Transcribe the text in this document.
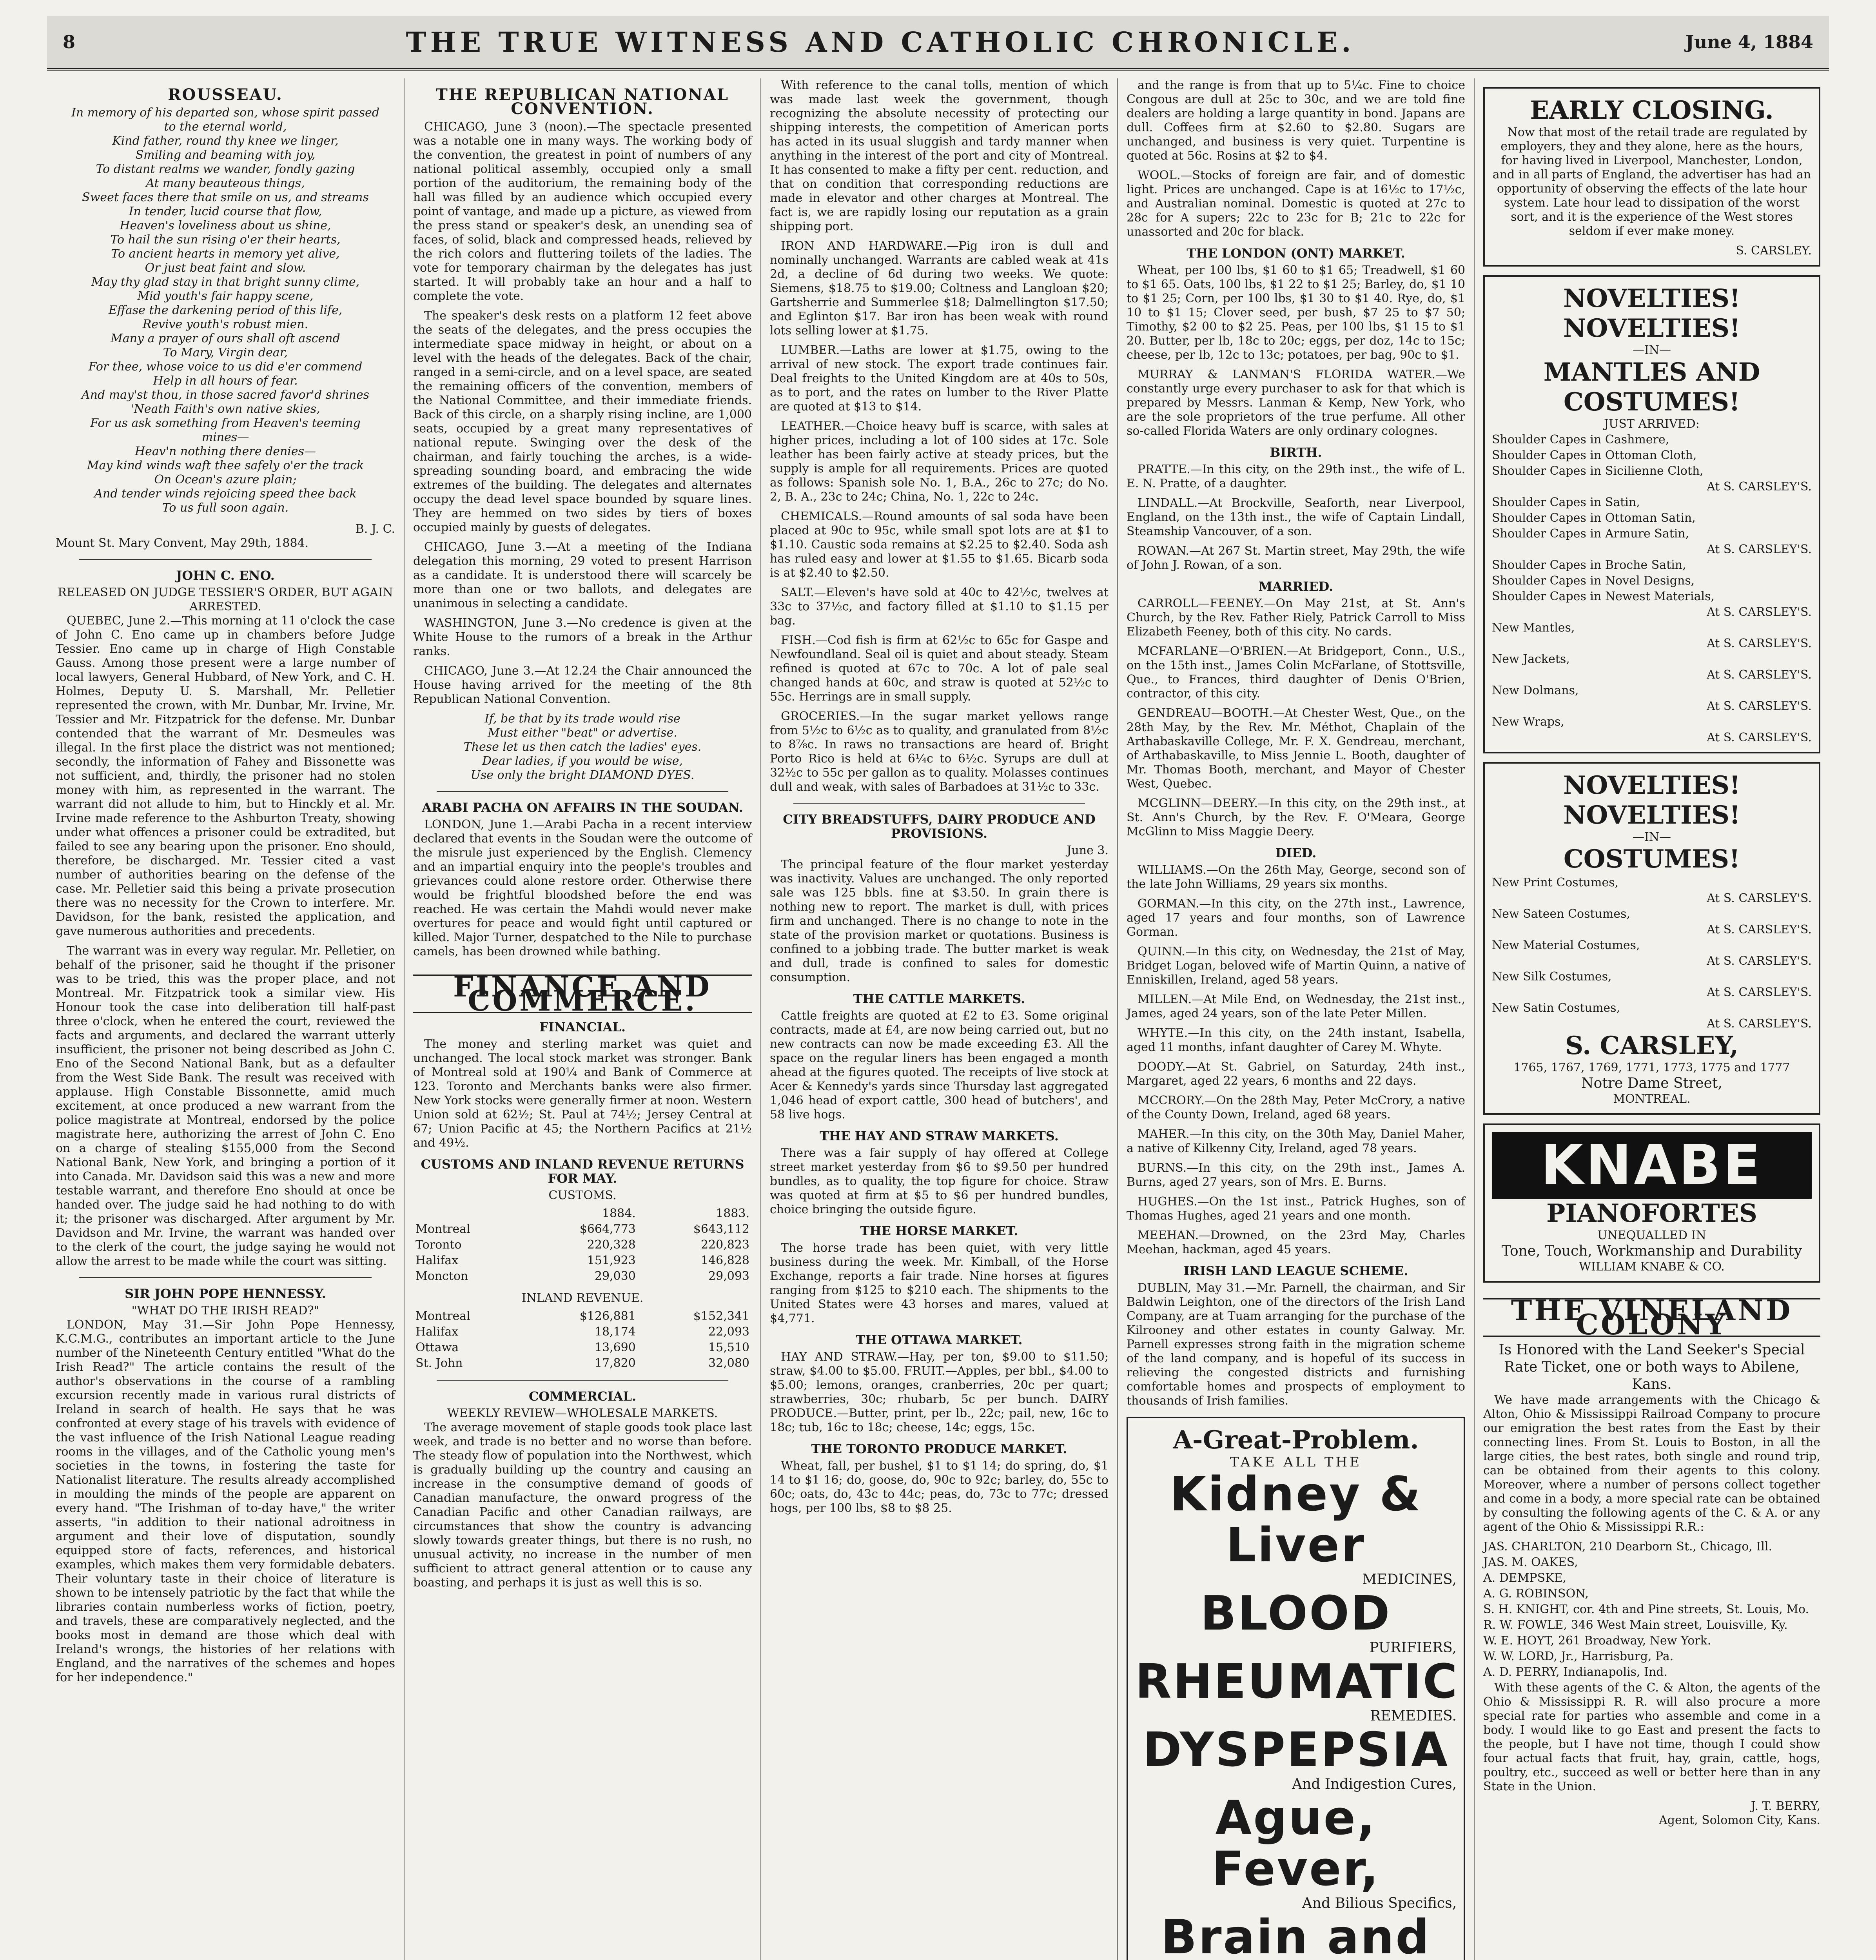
8	THE TRUE WITNESS AND CATHOLIC CHRONICLE.	June 4, 1884
ROUSSEAU.
In memory of his departed son, whose spirit passed
to the eternal world,
Kind father, round thy knee we linger,
Smiling and beaming with joy,
To distant realms we wander, fondly gazing
At many beauteous things,
Sweet faces there that smile on us, and streams
In tender, lucid course that flow,
Heaven's loveliness about us shine,
To hail the sun rising o'er their hearts,
To ancient hearts in memory yet alive,
Or just beat faint and slow.
May thy glad stay in that bright sunny clime,
Mid youth's fair happy scene,
Effase the darkening period of this life,
Revive youth's robust mien.
Many a prayer of ours shall oft ascend
To Mary, Virgin dear,
For thee, whose voice to us did e'er commend
Help in all hours of fear.
And may'st thou, in those sacred favor'd shrines
'Neath Faith's own native skies,
For us ask something from Heaven's teeming
mines—
Heav'n nothing there denies—
May kind winds waft thee safely o'er the track
On Ocean's azure plain;
And tender winds rejoicing speed thee back
To us full soon again.
B. J. C.
Mount St. Mary Convent, May 29th, 1884.
JOHN C. ENO.
RELEASED ON JUDGE TESSIER'S ORDER, BUT AGAIN ARRESTED.

QUEBEC, June 2.—This morning at 11 o'clock the case of John C. Eno came up in chambers before Judge Tessier. Eno came up in charge of High Constable Gauss. Among those present were a large number of local lawyers, General Hubbard, of New York, and C. H. Holmes, Deputy U. S. Marshall, Mr. Pelletier represented the crown, with Mr. Dunbar, Mr. Irvine, Mr. Tessier and Mr. Fitzpatrick for the defense. Mr. Dunbar contended that the warrant of Mr. Desmeules was illegal. In the first place the district was not mentioned; secondly, the information of Fahey and Bissonette was not sufficient, and, thirdly, the prisoner had no stolen money with him, as represented in the warrant. The warrant did not allude to him, but to Hinckly et al. Mr. Irvine made reference to the Ashburton Treaty, showing under what offences a prisoner could be extradited, but failed to see any bearing upon the prisoner. Eno should, therefore, be discharged. Mr. Tessier cited a vast number of authorities bearing on the defense of the case. Mr. Pelletier said this being a private prosecution there was no necessity for the Crown to interfere. Mr. Davidson, for the bank, resisted the application, and gave numerous authorities and precedents.

The warrant was in every way regular. Mr. Pelletier, on behalf of the prisoner, said he thought if the prisoner was to be tried, this was the proper place, and not Montreal. Mr. Fitzpatrick took a similar view. His Honour took the case into deliberation till half-past three o'clock, when he entered the court, reviewed the facts and arguments, and declared the warrant utterly insufficient, the prisoner not being described as John C. Eno of the Second National Bank, but as a defaulter from the West Side Bank. The result was received with applause. High Constable Bissonnette, amid much excitement, at once produced a new warrant from the police magistrate at Montreal, endorsed by the police magistrate here, authorizing the arrest of John C. Eno on a charge of stealing $155,000 from the Second National Bank, New York, and bringing a portion of it into Canada. Mr. Davidson said this was a new and more testable warrant, and therefore Eno should at once be handed over. The judge said he had nothing to do with it; the prisoner was discharged. After argument by Mr. Davidson and Mr. Irvine, the warrant was handed over to the clerk of the court, the judge saying he would not allow the arrest to be made while the court was sitting.

SIR JOHN POPE HENNESSY.
"WHAT DO THE IRISH READ?"

LONDON, May 31.—Sir John Pope Hennessy, K.C.M.G., contributes an important article to the June number of the Nineteenth Century entitled "What do the Irish Read?" The article contains the result of the author's observations in the course of a rambling excursion recently made in various rural districts of Ireland in search of health. He says that he was confronted at every stage of his travels with evidence of the vast influence of the Irish National League reading rooms in the villages, and of the Catholic young men's societies in the towns, in fostering the taste for Nationalist literature. The results already accomplished in moulding the minds of the people are apparent on every hand. "The Irishman of to-day have," the writer asserts, "in addition to their national adroitness in argument and their love of disputation, soundly equipped store of facts, references, and historical examples, which makes them very formidable debaters. Their voluntary taste in their choice of literature is shown to be intensely patriotic by the fact that while the libraries contain numberless works of fiction, poetry, and travels, these are comparatively neglected, and the books most in demand are those which deal with Ireland's wrongs, the histories of her relations with England, and the narratives of the schemes and hopes for her independence."

THE REPUBLICAN NATIONAL CONVENTION.

CHICAGO, June 3 (noon).—The spectacle presented was a notable one in many ways. The working body of the convention, the greatest in point of numbers of any national political assembly, occupied only a small portion of the auditorium, the remaining body of the hall was filled by an audience which occupied every point of vantage, and made up a picture, as viewed from the press stand or speaker's desk, an unending sea of faces, of solid, black and compressed heads, relieved by the rich colors and fluttering toilets of the ladies. The vote for temporary chairman by the delegates has just started. It will probably take an hour and a half to complete the vote.

The speaker's desk rests on a platform 12 feet above the seats of the delegates, and the press occupies the intermediate space midway in height, or about on a level with the heads of the delegates. Back of the chair, ranged in a semi-circle, and on a level space, are seated the remaining officers of the convention, members of the National Committee, and their immediate friends. Back of this circle, on a sharply rising incline, are 1,000 seats, occupied by a great many representatives of national repute. Swinging over the desk of the chairman, and fairly touching the arches, is a wide-spreading sounding board, and embracing the wide extremes of the building. The delegates and alternates occupy the dead level space bounded by square lines. They are hemmed on two sides by tiers of boxes occupied mainly by guests of delegates.

CHICAGO, June 3.—At a meeting of the Indiana delegation this morning, 29 voted to present Harrison as a candidate. It is understood there will scarcely be more than one or two ballots, and delegates are unanimous in selecting a candidate.

WASHINGTON, June 3.—No credence is given at the White House to the rumors of a break in the Arthur ranks.

CHICAGO, June 3.—At 12.24 the Chair announced the House having arrived for the meeting of the 8th Republican National Convention.

If, be that by its trade would rise
Must either "beat" or advertise.
These let us then catch the ladies' eyes.
Dear ladies, if you would be wise,
Use only the bright DIAMOND DYES.
ARABI PACHA ON AFFAIRS IN THE SOUDAN.

LONDON, June 1.—Arabi Pacha in a recent interview declared that events in the Soudan were the outcome of the misrule just experienced by the English. Clemency and an impartial enquiry into the people's troubles and grievances could alone restore order. Otherwise there would be frightful bloodshed before the end was reached. He was certain the Mahdi would never make overtures for peace and would fight until captured or killed. Major Turner, despatched to the Nile to purchase camels, has been drowned while bathing.

FINANCE AND COMMERCE.
FINANCIAL.

The money and sterling market was quiet and unchanged. The local stock market was stronger. Bank of Montreal sold at 190¼ and Bank of Commerce at 123. Toronto and Merchants banks were also firmer. New York stocks were generally firmer at noon. Western Union sold at 62½; St. Paul at 74½; Jersey Central at 67; Union Pacific at 45; the Northern Pacifics at 21½ and 49½.

CUSTOMS AND INLAND REVENUE RETURNS FOR MAY.
CUSTOMS.
	1884.	1883.
Montreal	$664,773	$643,112
Toronto	220,328	220,823
Halifax	151,923	146,828
Moncton	29,030	29,093
INLAND REVENUE.
Montreal	$126,881	$152,341
Halifax	18,174	22,093
Ottawa	13,690	15,510
St. John	17,820	32,080
COMMERCIAL.
WEEKLY REVIEW—WHOLESALE MARKETS.

The average movement of staple goods took place last week, and trade is no better and no worse than before. The steady flow of population into the Northwest, which is gradually building up the country and causing an increase in the consumptive demand of goods of Canadian manufacture, the onward progress of the Canadian Pacific and other Canadian railways, are circumstances that show the country is advancing slowly towards greater things, but there is no rush, no unusual activity, no increase in the number of men sufficient to attract general attention or to cause any boasting, and perhaps it is just as well this is so.

With reference to the canal tolls, mention of which was made last week the government, though recognizing the absolute necessity of protecting our shipping interests, the competition of American ports has acted in its usual sluggish and tardy manner when anything in the interest of the port and city of Montreal. It has consented to make a fifty per cent. reduction, and that on condition that corresponding reductions are made in elevator and other charges at Montreal. The fact is, we are rapidly losing our reputation as a grain shipping port.

IRON AND HARDWARE.—Pig iron is dull and nominally unchanged. Warrants are cabled weak at 41s 2d, a decline of 6d during two weeks. We quote: Siemens, $18.75 to $19.00; Coltness and Langloan $20; Gartsherrie and Summerlee $18; Dalmellington $17.50; and Eglinton $17. Bar iron has been weak with round lots selling lower at $1.75.

LUMBER.—Laths are lower at $1.75, owing to the arrival of new stock. The export trade continues fair. Deal freights to the United Kingdom are at 40s to 50s, as to port, and the rates on lumber to the River Platte are quoted at $13 to $14.

LEATHER.—Choice heavy buff is scarce, with sales at higher prices, including a lot of 100 sides at 17c. Sole leather has been fairly active at steady prices, but the supply is ample for all requirements. Prices are quoted as follows: Spanish sole No. 1, B.A., 26c to 27c; do No. 2, B. A., 23c to 24c; China, No. 1, 22c to 24c.

CHEMICALS.—Round amounts of sal soda have been placed at 90c to 95c, while small spot lots are at $1 to $1.10. Caustic soda remains at $2.25 to $2.40. Soda ash has ruled easy and lower at $1.55 to $1.65. Bicarb soda is at $2.40 to $2.50.

SALT.—Eleven's have sold at 40c to 42½c, twelves at 33c to 37½c, and factory filled at $1.10 to $1.15 per bag.

FISH.—Cod fish is firm at 62½c to 65c for Gaspe and Newfoundland. Seal oil is quiet and about steady. Steam refined is quoted at 67c to 70c. A lot of pale seal changed hands at 60c, and straw is quoted at 52½c to 55c. Herrings are in small supply.

GROCERIES.—In the sugar market yellows range from 5½c to 6½c as to quality, and granulated from 8½c to 8⅞c. In raws no transactions are heard of. Bright Porto Rico is held at 6¼c to 6½c. Syrups are dull at 32½c to 55c per gallon as to quality. Molasses continues dull and weak, with sales of Barbadoes at 31½c to 33c.

CITY BREADSTUFFS, DAIRY PRODUCE AND PROVISIONS.
June 3.

The principal feature of the flour market yesterday was inactivity. Values are unchanged. The only reported sale was 125 bbls. fine at $3.50. In grain there is nothing new to report. The market is dull, with prices firm and unchanged. There is no change to note in the state of the provision market or quotations. Business is confined to a jobbing trade. The butter market is weak and dull, trade is confined to sales for domestic consumption.

THE CATTLE MARKETS.

Cattle freights are quoted at £2 to £3. Some original contracts, made at £4, are now being carried out, but no new contracts can now be made exceeding £3. All the space on the regular liners has been engaged a month ahead at the figures quoted. The receipts of live stock at Acer & Kennedy's yards since Thursday last aggregated 1,046 head of export cattle, 300 head of butchers', and 58 live hogs.

THE HAY AND STRAW MARKETS.

There was a fair supply of hay offered at College street market yesterday from $6 to $9.50 per hundred bundles, as to quality, the top figure for choice. Straw was quoted at firm at $5 to $6 per hundred bundles, choice bringing the outside figure.

THE HORSE MARKET.

The horse trade has been quiet, with very little business during the week. Mr. Kimball, of the Horse Exchange, reports a fair trade. Nine horses at figures ranging from $125 to $210 each. The shipments to the United States were 43 horses and mares, valued at $4,771.

THE OTTAWA MARKET.

HAY AND STRAW.—Hay, per ton, $9.00 to $11.50; straw, $4.00 to $5.00. FRUIT.—Apples, per bbl., $4.00 to $5.00; lemons, oranges, cranberries, 20c per quart; strawberries, 30c; rhubarb, 5c per bunch. DAIRY PRODUCE.—Butter, print, per lb., 22c; pail, new, 16c to 18c; tub, 16c to 18c; cheese, 14c; eggs, 15c.

THE TORONTO PRODUCE MARKET.

Wheat, fall, per bushel, $1 to $1 14; do spring, do, $1 14 to $1 16; do, goose, do, 90c to 92c; barley, do, 55c to 60c; oats, do, 43c to 44c; peas, do, 73c to 77c; dressed hogs, per 100 lbs, $8 to $8 25.

and the range is from that up to 5¼c. Fine to choice Congous are dull at 25c to 30c, and we are told fine dealers are holding a large quantity in bond. Japans are dull. Coffees firm at $2.60 to $2.80. Sugars are unchanged, and business is very quiet. Turpentine is quoted at 56c. Rosins at $2 to $4.

WOOL.—Stocks of foreign are fair, and of domestic light. Prices are unchanged. Cape is at 16½c to 17½c, and Australian nominal. Domestic is quoted at 27c to 28c for A supers; 22c to 23c for B; 21c to 22c for unassorted and 20c for black.

THE LONDON (ONT) MARKET.

Wheat, per 100 lbs, $1 60 to $1 65; Treadwell, $1 60 to $1 65. Oats, 100 lbs, $1 22 to $1 25; Barley, do, $1 10 to $1 25; Corn, per 100 lbs, $1 30 to $1 40. Rye, do, $1 10 to $1 15; Clover seed, per bush, $7 25 to $7 50; Timothy, $2 00 to $2 25. Peas, per 100 lbs, $1 15 to $1 20. Butter, per lb, 18c to 20c; eggs, per doz, 14c to 15c; cheese, per lb, 12c to 13c; potatoes, per bag, 90c to $1.

MURRAY & LANMAN'S FLORIDA WATER.—We constantly urge every purchaser to ask for that which is prepared by Messrs. Lanman & Kemp, New York, who are the sole proprietors of the true perfume. All other so-called Florida Waters are only ordinary colognes.

BIRTH.

PRATTE.—In this city, on the 29th inst., the wife of L. E. N. Pratte, of a daughter.

LINDALL.—At Brockville, Seaforth, near Liverpool, England, on the 13th inst., the wife of Captain Lindall, Steamship Vancouver, of a son.

ROWAN.—At 267 St. Martin street, May 29th, the wife of John J. Rowan, of a son.

MARRIED.

CARROLL—FEENEY.—On May 21st, at St. Ann's Church, by the Rev. Father Riely, Patrick Carroll to Miss Elizabeth Feeney, both of this city. No cards.

MCFARLANE—O'BRIEN.—At Bridgeport, Conn., U.S., on the 15th inst., James Colin McFarlane, of Stottsville, Que., to Frances, third daughter of Denis O'Brien, contractor, of this city.

GENDREAU—BOOTH.—At Chester West, Que., on the 28th May, by the Rev. Mr. Méthot, Chaplain of the Arthabaskaville College, Mr. F. X. Gendreau, merchant, of Arthabaskaville, to Miss Jennie L. Booth, daughter of Mr. Thomas Booth, merchant, and Mayor of Chester West, Quebec.

MCGLINN—DEERY.—In this city, on the 29th inst., at St. Ann's Church, by the Rev. F. O'Meara, George McGlinn to Miss Maggie Deery.

DIED.

WILLIAMS.—On the 26th May, George, second son of the late John Williams, 29 years six months.

GORMAN.—In this city, on the 27th inst., Lawrence, aged 17 years and four months, son of Lawrence Gorman.

QUINN.—In this city, on Wednesday, the 21st of May, Bridget Logan, beloved wife of Martin Quinn, a native of Enniskillen, Ireland, aged 58 years.

MILLEN.—At Mile End, on Wednesday, the 21st inst., James, aged 24 years, son of the late Peter Millen.

WHYTE.—In this city, on the 24th instant, Isabella, aged 11 months, infant daughter of Carey M. Whyte.

DOODY.—At St. Gabriel, on Saturday, 24th inst., Margaret, aged 22 years, 6 months and 22 days.

MCCRORY.—On the 28th May, Peter McCrory, a native of the County Down, Ireland, aged 68 years.

MAHER.—In this city, on the 30th May, Daniel Maher, a native of Kilkenny City, Ireland, aged 78 years.

BURNS.—In this city, on the 29th inst., James A. Burns, aged 27 years, son of Mrs. E. Burns.

HUGHES.—On the 1st inst., Patrick Hughes, son of Thomas Hughes, aged 21 years and one month.

MEEHAN.—Drowned, on the 23rd May, Charles Meehan, hackman, aged 45 years.

IRISH LAND LEAGUE SCHEME.

DUBLIN, May 31.—Mr. Parnell, the chairman, and Sir Baldwin Leighton, one of the directors of the Irish Land Company, are at Tuam arranging for the purchase of the Kilrooney and other estates in county Galway. Mr. Parnell expresses strong faith in the migration scheme of the land company, and is hopeful of its success in relieving the congested districts and furnishing comfortable homes and prospects of employment to thousands of Irish families.

A-Great-Problem.
TAKE ALL THE
Kidney & Liver
MEDICINES,
BLOOD
PURIFIERS,
RHEUMATIC
REMEDIES.
DYSPEPSIA
And Indigestion Cures,
Ague, Fever,
And Bilious Specifics,
Brain and

EARLY CLOSING.

Now that most of the retail trade are regulated by employers, they and they alone, here as the hours, for having lived in Liverpool, Manchester, London, and in all parts of England, the advertiser has had an opportunity of observing the effects of the late hour system. Late hour lead to dissipation of the worst sort, and it is the experience of the West stores seldom if ever make money.

S. CARSLEY.
NOVELTIES! NOVELTIES!
—IN—
MANTLES AND COSTUMES!
JUST ARRIVED:
Shoulder Capes in Cashmere,
Shoulder Capes in Ottoman Cloth,
Shoulder Capes in Sicilienne Cloth,
At S. CARSLEY'S.
Shoulder Capes in Satin,
Shoulder Capes in Ottoman Satin,
Shoulder Capes in Armure Satin,
At S. CARSLEY'S.
Shoulder Capes in Broche Satin,
Shoulder Capes in Novel Designs,
Shoulder Capes in Newest Materials,
At S. CARSLEY'S.
New Mantles,
At S. CARSLEY'S.
New Jackets,
At S. CARSLEY'S.
New Dolmans,
At S. CARSLEY'S.
New Wraps,
At S. CARSLEY'S.
NOVELTIES! NOVELTIES!
—IN—
COSTUMES!
New Print Costumes,
At S. CARSLEY'S.
New Sateen Costumes,
At S. CARSLEY'S.
New Material Costumes,
At S. CARSLEY'S.
New Silk Costumes,
At S. CARSLEY'S.
New Satin Costumes,
At S. CARSLEY'S.
S. CARSLEY,
1765, 1767, 1769, 1771, 1773, 1775 and 1777
Notre Dame Street,
MONTREAL.
KNABE
PIANOFORTES
UNEQUALLED IN
Tone, Touch, Workmanship and Durability
WILLIAM KNABE & CO.
THE VINELAND COLONY
Is Honored with the Land Seeker's Special Rate Ticket, one or both ways to Abilene, Kans.

We have made arrangements with the Chicago & Alton, Ohio & Mississippi Railroad Company to procure our emigration the best rates from the East by their connecting lines. From St. Louis to Boston, in all the large cities, the best rates, both single and round trip, can be obtained from their agents to this colony. Moreover, where a number of persons collect together and come in a body, a more special rate can be obtained by consulting the following agents of the C. & A. or any agent of the Ohio & Mississippi R.R.:

JAS. CHARLTON, 210 Dearborn St., Chicago, Ill.
JAS. M. OAKES,
A. DEMPSKE,
A. G. ROBINSON,
S. H. KNIGHT, cor. 4th and Pine streets, St. Louis, Mo.
R. W. FOWLE, 346 West Main street, Louisville, Ky.
W. E. HOYT, 261 Broadway, New York.
W. W. LORD, Jr., Harrisburg, Pa.
A. D. PERRY, Indianapolis, Ind.

With these agents of the C. & Alton, the agents of the Ohio & Mississippi R. R. will also procure a more special rate for parties who assemble and come in a body. I would like to go East and present the facts to the people, but I have not time, though I could show four actual facts that fruit, hay, grain, cattle, hogs, poultry, etc., succeed as well or better here than in any State in the Union.

J. T. BERRY,
Agent, Solomon City, Kans.
